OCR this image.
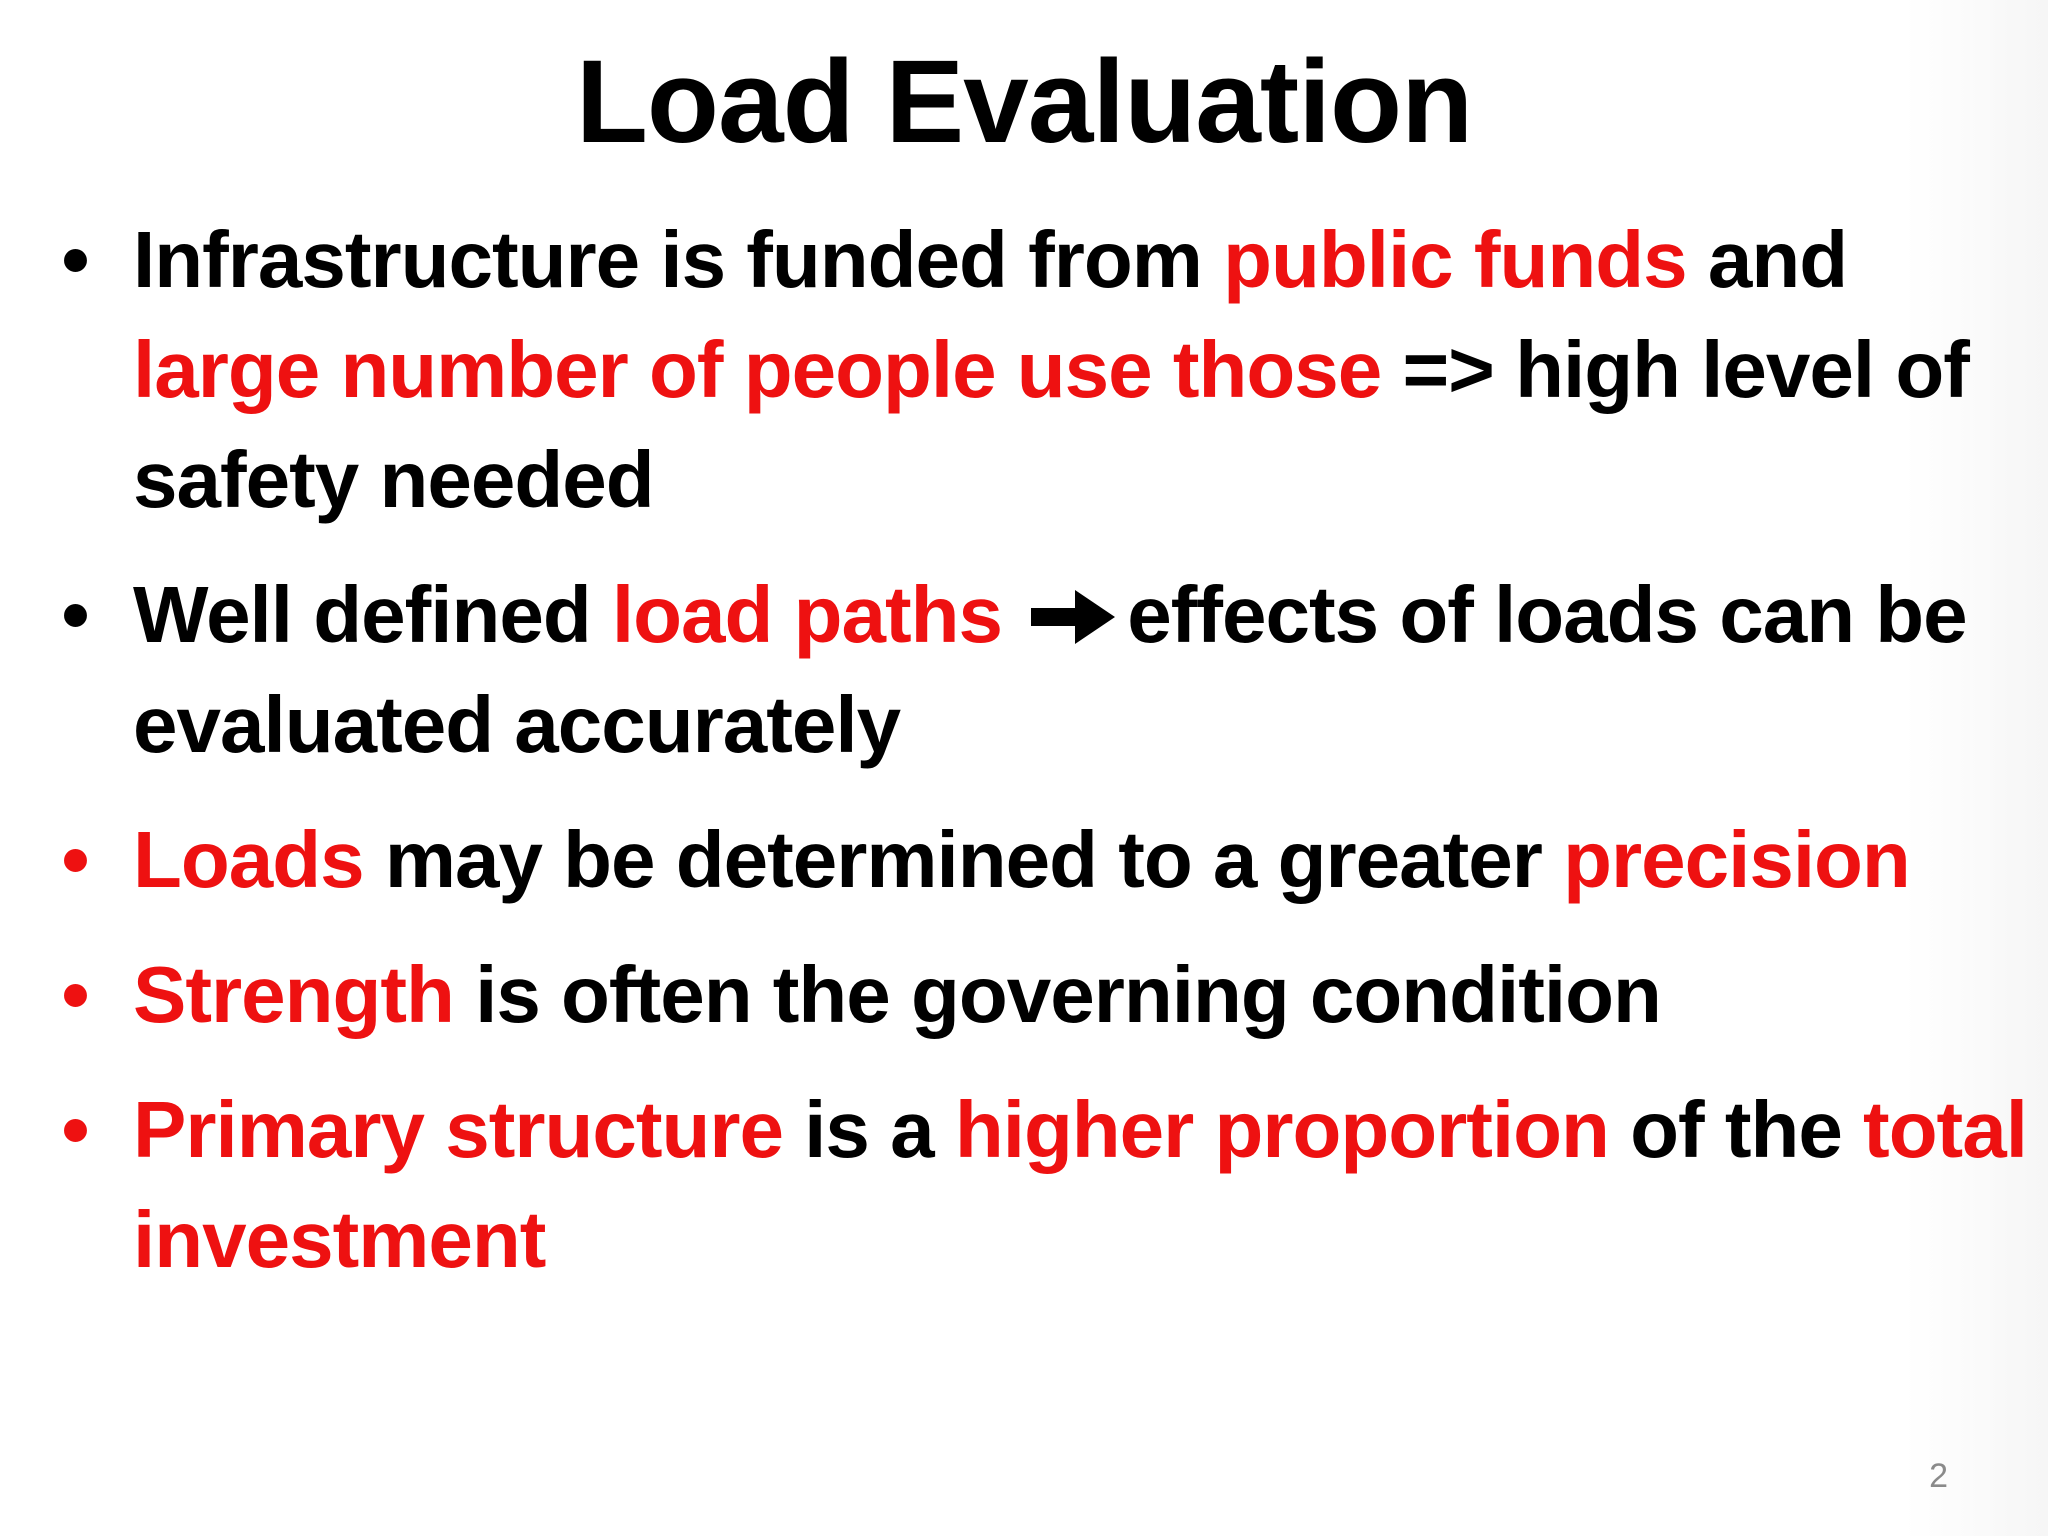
Load Evaluation
• Infrastructure is funded from public funds and large number of people use those => high level of safety needed
• Well defined load paths effects of loads can be evaluated accurately
• Loads may be determined to a greater precision
• Strength is often the governing condition
• Primary structure is a higher proportion of the total investment
2
